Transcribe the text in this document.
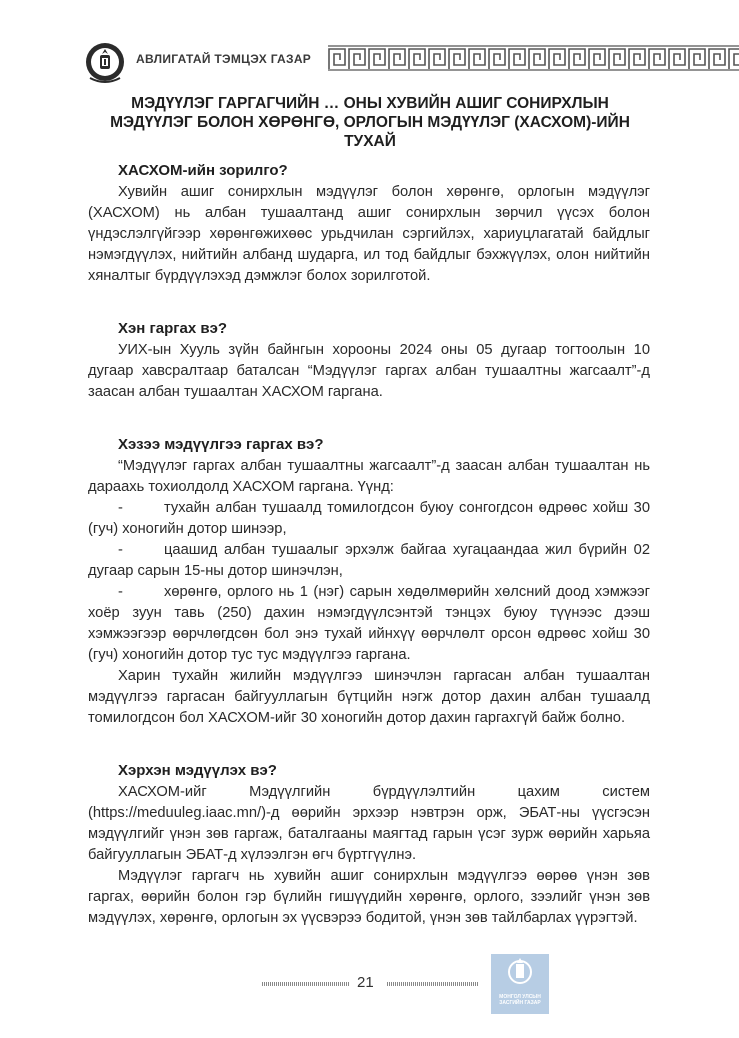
АВЛИГАТАЙ ТЭМЦЭХ ГАЗАР
МЭДҮҮЛЭГ ГАРГАГЧИЙН … ОНЫ ХУВИЙН АШИГ СОНИРХЛЫН МЭДҮҮЛЭГ БОЛОН ХӨРӨНГӨ, ОРЛОГЫН МЭДҮҮЛЭГ (ХАСХОМ)-ИЙН ТУХАЙ
ХАСХОМ-ийн зорилго?

Хувийн ашиг сонирхлын мэдүүлэг болон хөрөнгө, орлогын мэдүүлэг (ХАСХОМ) нь албан тушаалтанд ашиг сонирхлын зөрчил үүсэх болон үндэслэлгүйгээр хөрөнгөжихөөс урьдчилан сэргийлэх, хариуцлагатай байдлыг нэмэгдүүлэх, нийтийн албанд шударга, ил тод байдлыг бэхжүүлэх, олон нийтийн хяналтыг бүрдүүлэхэд дэмжлэг болох зорилготой.

Хэн гаргах вэ?

УИХ-ын Хууль зүйн байнгын хорооны 2024 оны 05 дугаар тогтоолын 10 дугаар хавсралтаар баталсан “Мэдүүлэг гаргах албан тушаалтны жагсаалт”-д заасан албан тушаалтан ХАСХОМ гаргана.

Хэзээ мэдүүлгээ гаргах вэ?

“Мэдүүлэг гаргах албан тушаалтны жагсаалт”-д заасан албан тушаалтан нь дараахь тохиолдолд ХАСХОМ гаргана. Үүнд:

-	тухайн албан тушаалд томилогдсон буюу сонгогдсон өдрөөс хойш 30 (гуч) хоногийн дотор шинээр,
-	цаашид албан тушаалыг эрхэлж байгаа хугацаандаа жил бүрийн 02 дугаар сарын 15-ны дотор шинэчлэн,
-	хөрөнгө, орлого нь 1 (нэг) сарын хөдөлмөрийн хөлсний доод хэмжээг хоёр зуун тавь (250) дахин нэмэгдүүлсэнтэй тэнцэх буюу түүнээс дээш хэмжээгээр өөрчлөгдсөн бол энэ тухай ийнхүү өөрчлөлт орсон өдрөөс хойш 30 (гуч) хоногийн дотор тус тус мэдүүлгээ гаргана.

Харин тухайн жилийн мэдүүлгээ шинэчлэн гаргасан албан тушаалтан мэдүүлгээ гаргасан байгууллагын бүтцийн нэгж дотор дахин албан тушаалд томилогдсон бол ХАСХОМ-ийг 30 хоногийн дотор дахин гаргахгүй байж болно.

Хэрхэн мэдүүлэх вэ?

ХАСХОМ-ийг Мэдүүлгийн бүрдүүлэлтийн цахим систем (https://meduuleg.iaac.mn/)-д өөрийн эрхээр нэвтрэн орж, ЭБАТ-ны үүсгэсэн мэдүүлгийг үнэн зөв гаргаж, баталгааны маягтад гарын үсэг зурж өөрийн харьяа байгууллагын ЭБАТ-д хүлээлгэн өгч бүртгүүлнэ.

Мэдүүлэг гаргагч нь хувийн ашиг сонирхлын мэдүүлгээ өөрөө үнэн зөв гаргах, өөрийн болон гэр бүлийн гишүүдийн хөрөнгө, орлого, зээлийг үнэн зөв мэдүүлэх, хөрөнгө, орлогын эх үүсвэрээ бодитой, үнэн зөв тайлбарлах үүрэгтэй.

21
МОНГОЛ УЛСЫН
ЗАСГИЙН ГАЗАР
